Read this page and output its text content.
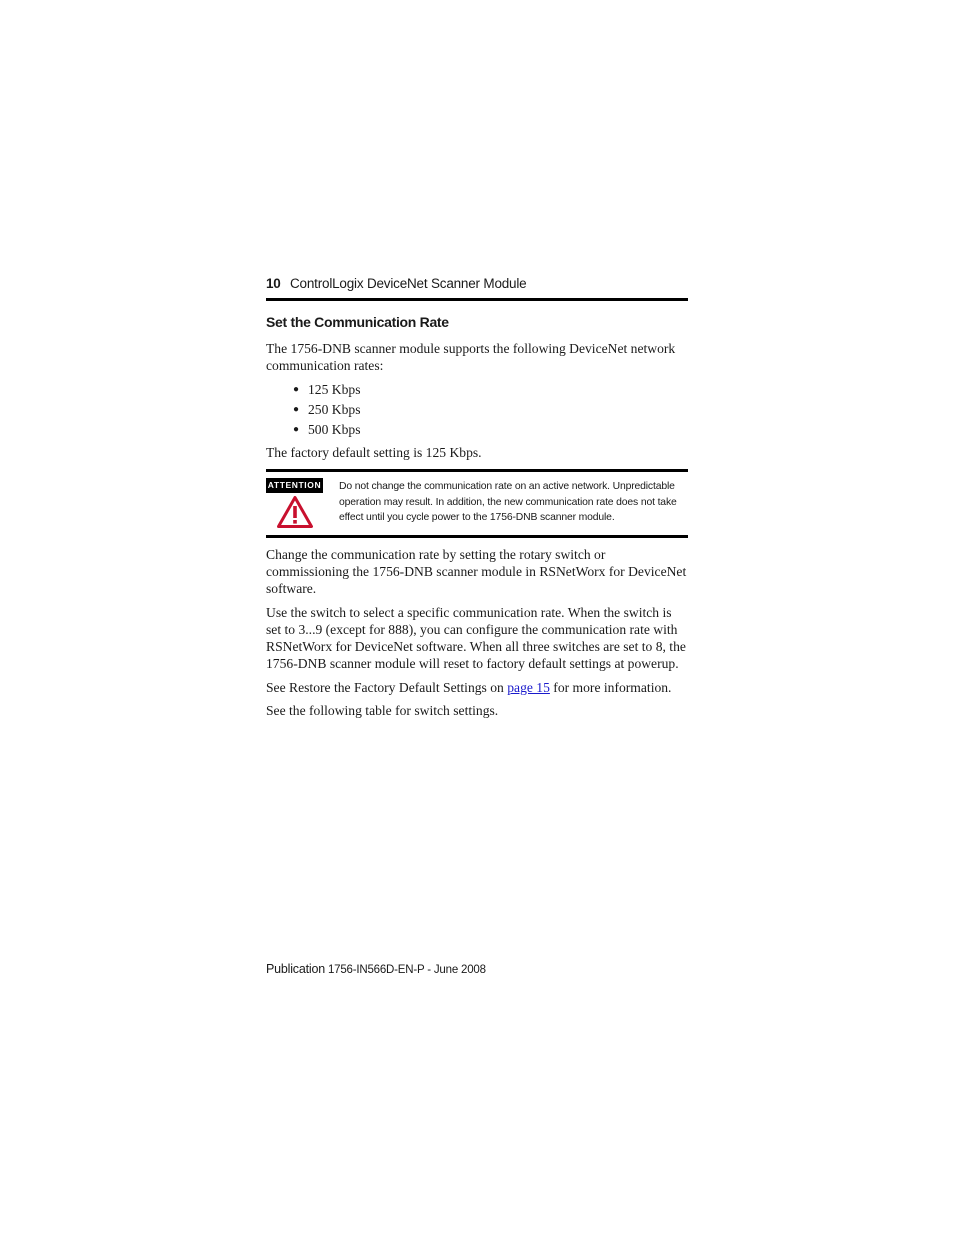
10 ControlLogix DeviceNet Scanner Module
Set the Communication Rate

The 1756-DNB scanner module supports the following DeviceNet network communication rates:

● 125 Kbps
● 250 Kbps
● 500 Kbps

The factory default setting is 125 Kbps.

ATTENTION Do not change the communication rate on an active network. Unpredictable operation may result. In addition, the new communication rate does not take effect until you cycle power to the 1756-DNB scanner module.

Change the communication rate by setting the rotary switch or commissioning the 1756-DNB scanner module in RSNetWorx for DeviceNet software.

Use the switch to select a specific communication rate. When the switch is set to 3...9 (except for 888), you can configure the communication rate with RSNetWorx for DeviceNet software. When all three switches are set to 8, the 1756-DNB scanner module will reset to factory default settings at powerup.

See Restore the Factory Default Settings on page 15 for more information.

See the following table for switch settings.

Publication 1756-IN566D-EN-P - June 2008
